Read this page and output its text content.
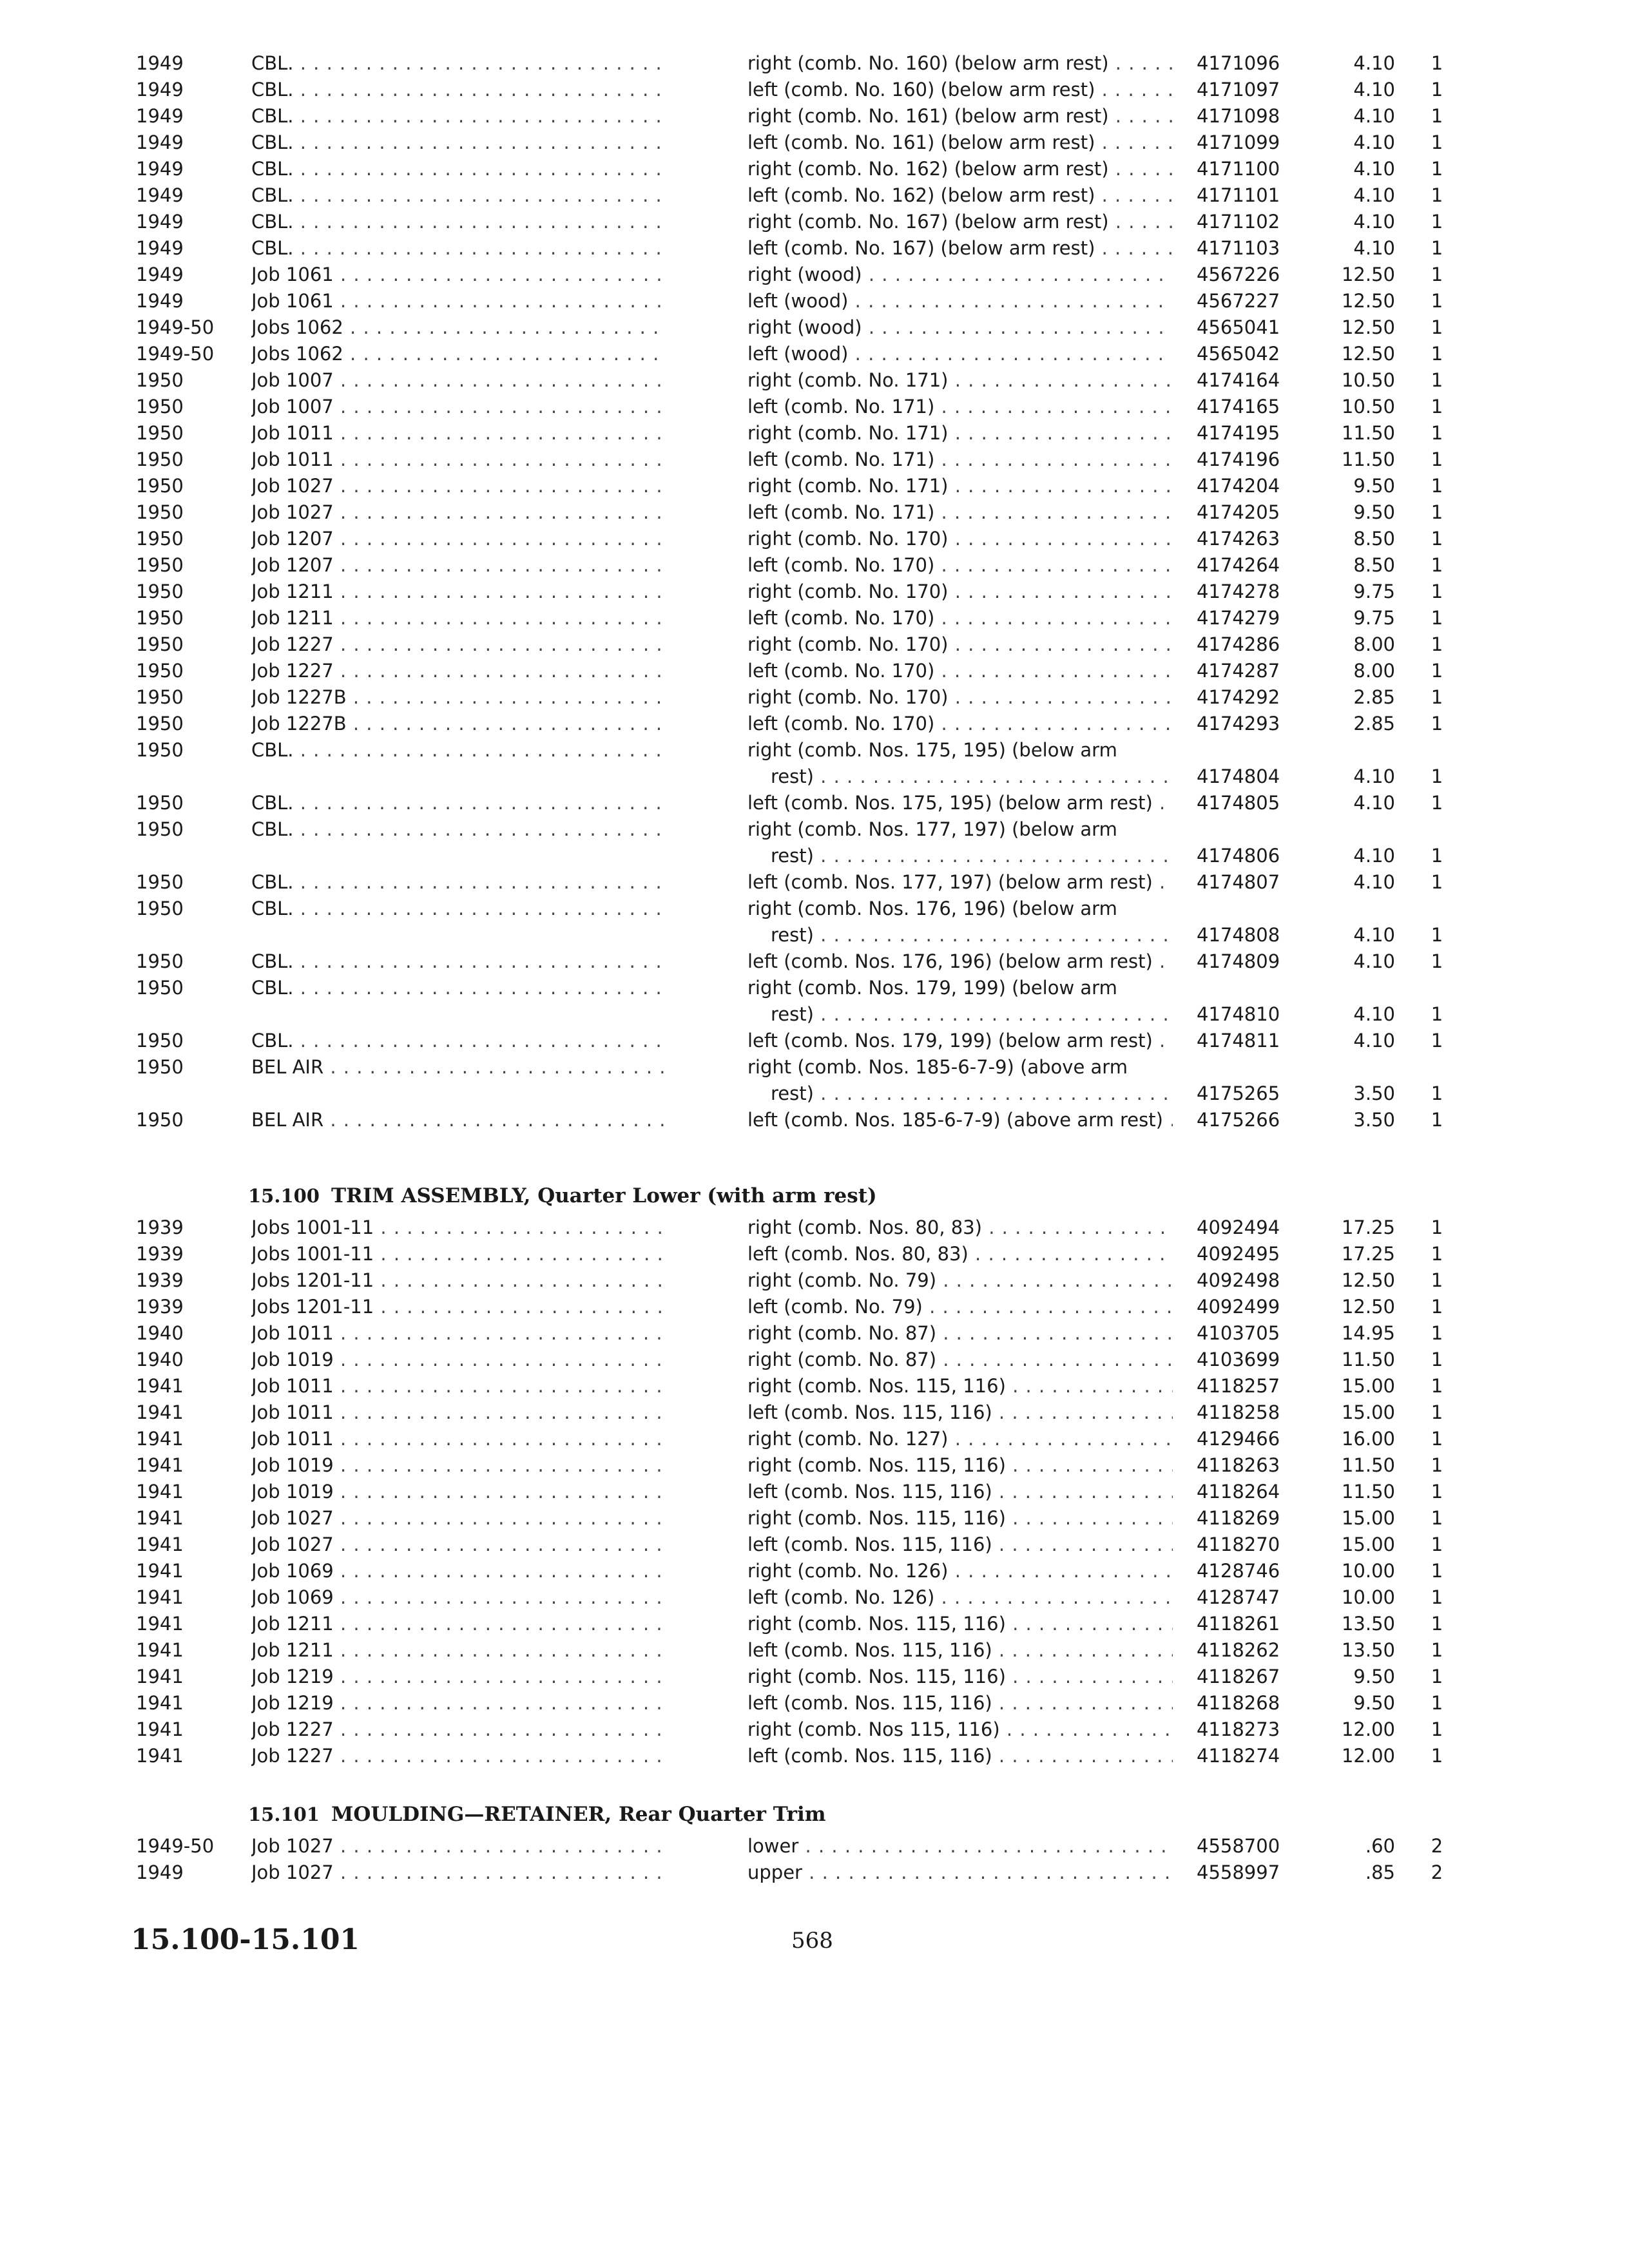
1949	CBL. . . .	right (comb. No. 160) (below arm rest) . . .	4171096	4.10	1
1949	CBL. . . .	left (comb. No. 160) (below arm rest) . . .	4171097	4.10	1
1949	CBL. . . .	right (comb. No. 161) (below arm rest) . . .	4171098	4.10	1
1949	CBL. . . .	left (comb. No. 161) (below arm rest) . . .	4171099	4.10	1
1949	CBL. . . .	right (comb. No. 162) (below arm rest) . . .	4171100	4.10	1
1949	CBL. . . .	left (comb. No. 162) (below arm rest) . . .	4171101	4.10	1
1949	CBL. . . .	right (comb. No. 167) (below arm rest) . . .	4171102	4.10	1
1949	CBL. . . .	left (comb. No. 167) (below arm rest) . . .	4171103	4.10	1
1949	Job 1061 . . .	right (wood) . . .	4567226	12.50	1
1949	Job 1061 . . .	left (wood) . . .	4567227	12.50	1
1949-50 Jobs 1062 . . .	right (wood) . . .	4565041	12.50	1
1949-50 Jobs 1062 . . .	left (wood) . . .	4565042	12.50	1
1950	Job 1007 . . .	right (comb. No. 171) . . .	4174164	10.50	1
1950	Job 1007 . . .	left (comb. No. 171) . . .	4174165	10.50	1
1950	Job 1011 . . .	right (comb. No. 171) . . .	4174195	11.50	1
1950	Job 1011 . . .	left (comb. No. 171) . . .	4174196	11.50	1
1950	Job 1027 . . .	right (comb. No. 171) . . .	4174204	9.50	1
1950	Job 1027 . . .	left (comb. No. 171) . . .	4174205	9.50	1
1950	Job 1207 . . .	right (comb. No. 170) . . .	4174263	8.50	1
1950	Job 1207 . . .	left (comb. No. 170) . . .	4174264	8.50	1
1950	Job 1211 . . .	right (comb. No. 170) . . .	4174278	9.75	1
1950	Job 1211 . . .	left (comb. No. 170) . . .	4174279	9.75	1
1950	Job 1227 . . .	right (comb. No. 170) . . .	4174286	8.00	1
1950	Job 1227 . . .	left (comb. No. 170) . . .	4174287	8.00	1
1950	Job 1227B . . .	right (comb. No. 170) . . .	4174292	2.85	1
1950	Job 1227B . . .	left (comb. No. 170) . . .	4174293	2.85	1
1950	CBL. . . .	right (comb. Nos. 175, 195) (below arm
rest) . . .	4174804	4.10	1
1950	CBL. . . .	left (comb. Nos. 175, 195) (below arm rest) . . .	4174805	4.10	1
1950	CBL. . . .	right (comb. Nos. 177, 197) (below arm
rest) . . .	4174806	4.10	1
1950	CBL. . . .	left (comb. Nos. 177, 197) (below arm rest) . . .	4174807	4.10	1
1950	CBL. . . .	right (comb. Nos. 176, 196) (below arm
rest) . . .	4174808	4.10	1
1950	CBL. . . .	left (comb. Nos. 176, 196) (below arm rest) . . .	4174809	4.10	1
1950	CBL. . . .	right (comb. Nos. 179, 199) (below arm
rest) . . .	4174810	4.10	1
1950	CBL. . . .	left (comb. Nos. 179, 199) (below arm rest) . . .	4174811	4.10	1
1950	BEL AIR . . .	right (comb. Nos. 185-6-7-9) (above arm
rest) . . .	4175265	3.50	1
1950	BEL AIR . . .	left (comb. Nos. 185-6-7-9) (above arm rest) . . .	4175266	3.50	1
15.100 TRIM ASSEMBLY, Quarter Lower (with arm rest)
1939	Jobs 1001-11 . . .	right (comb. Nos. 80, 83) . . .	4092494	17.25	1
1939	Jobs 1001-11 . . .	left (comb. Nos. 80, 83) . . .	4092495	17.25	1
1939	Jobs 1201-11 . . .	right (comb. No. 79) . . .	4092498	12.50	1
1939	Jobs 1201-11 . . .	left (comb. No. 79) . . .	4092499	12.50	1
1940	Job 1011 . . .	right (comb. No. 87) . . .	4103705	14.95	1
1940	Job 1019 . . .	right (comb. No. 87) . . .	4103699	11.50	1
1941	Job 1011 . . .	right (comb. Nos. 115, 116) . . .	4118257	15.00	1
1941	Job 1011 . . .	left (comb. Nos. 115, 116) . . .	4118258	15.00	1
1941	Job 1011 . . .	right (comb. No. 127) . . .	4129466	16.00	1
1941	Job 1019 . . .	right (comb. Nos. 115, 116) . . .	4118263	11.50	1
1941	Job 1019 . . .	left (comb. Nos. 115, 116) . . .	4118264	11.50	1
1941	Job 1027 . . .	right (comb. Nos. 115, 116) . . .	4118269	15.00	1
1941	Job 1027 . . .	left (comb. Nos. 115, 116) . . .	4118270	15.00	1
1941	Job 1069 . . .	right (comb. No. 126) . . .	4128746	10.00	1
1941	Job 1069 . . .	left (comb. No. 126) . . .	4128747	10.00	1
1941	Job 1211 . . .	right (comb. Nos. 115, 116) . . .	4118261	13.50	1
1941	Job 1211 . . .	left (comb. Nos. 115, 116) . . .	4118262	13.50	1
1941	Job 1219 . . .	right (comb. Nos. 115, 116) . . .	4118267	9.50	1
1941	Job 1219 . . .	left (comb. Nos. 115, 116) . . .	4118268	9.50	1
1941	Job 1227 . . .	right (comb. Nos 115, 116) . . .	4118273	12.00	1
1941	Job 1227 . . .	left (comb. Nos. 115, 116) . . .	4118274	12.00	1
15.101 MOULDING—RETAINER, Rear Quarter Trim
1949-50 Job 1027 . . .	lower . . .	4558700	.60	2
1949	Job 1027 . . .	upper . . .	4558997	.85	2
15.100-15.101	568
